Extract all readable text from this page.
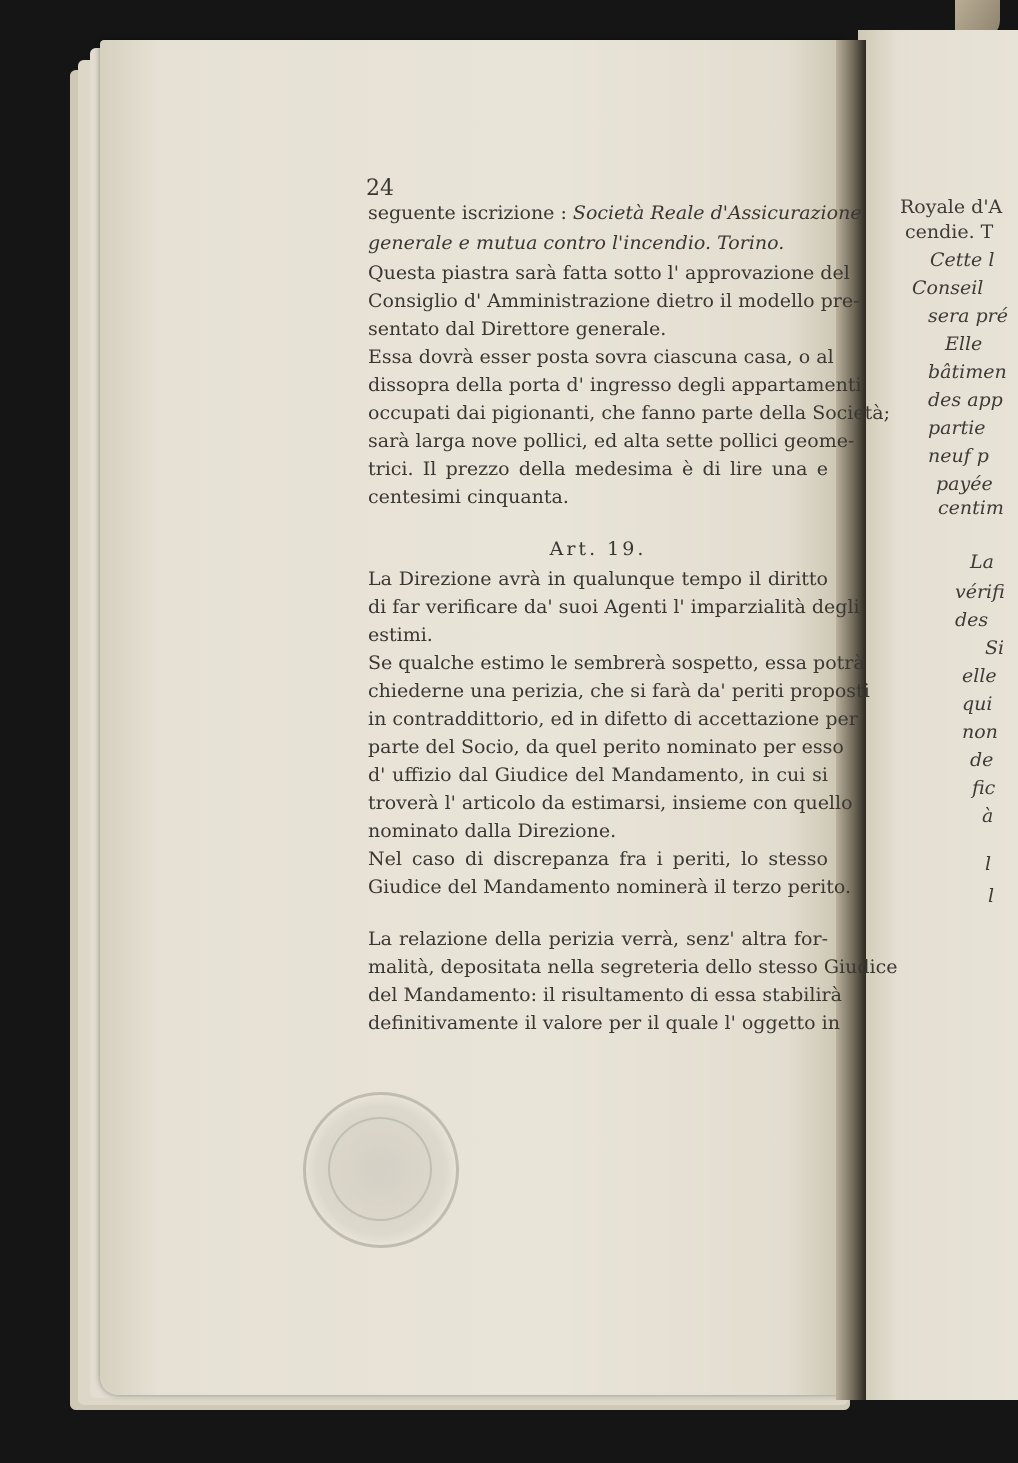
24
seguente iscrizione : Società Reale d'Assicurazione
generale e mutua contro l'incendio. Torino.
Questa piastra sarà fatta sotto l' approvazione del
Consiglio d' Amministrazione dietro il modello pre-
sentato dal Direttore generale.
Essa dovrà esser posta sovra ciascuna casa, o al
dissopra della porta d' ingresso degli appartamenti
occupati dai pigionanti, che fanno parte della Società;
sarà larga nove pollici, ed alta sette pollici geome-
trici. Il prezzo della medesima è di lire una e
centesimi cinquanta.
Art. 19.
La Direzione avrà in qualunque tempo il diritto
di far verificare da' suoi Agenti l' imparzialità degli
estimi.
Se qualche estimo le sembrerà sospetto, essa potrà
chiederne una perizia, che si farà da' periti proposti
in contraddittorio, ed in difetto di accettazione per
parte del Socio, da quel perito nominato per esso
d' uffizio dal Giudice del Mandamento, in cui si
troverà l' articolo da estimarsi, insieme con quello
nominato dalla Direzione.
Nel caso di discrepanza fra i periti, lo stesso
Giudice del Mandamento nominerà il terzo perito.
La relazione della perizia verrà, senz' altra for-
malità, depositata nella segreteria dello stesso Giudice
del Mandamento: il risultamento di essa stabilirà
definitivamente il valore per il quale l' oggetto in
Royale d'A
cendie. T
Cette l
Conseil
sera pré
Elle
bâtimen
des app
partie
neuf p
payée
centim
La
vérifi
des
Si
elle
qui
non
de
fic
à
l
l
